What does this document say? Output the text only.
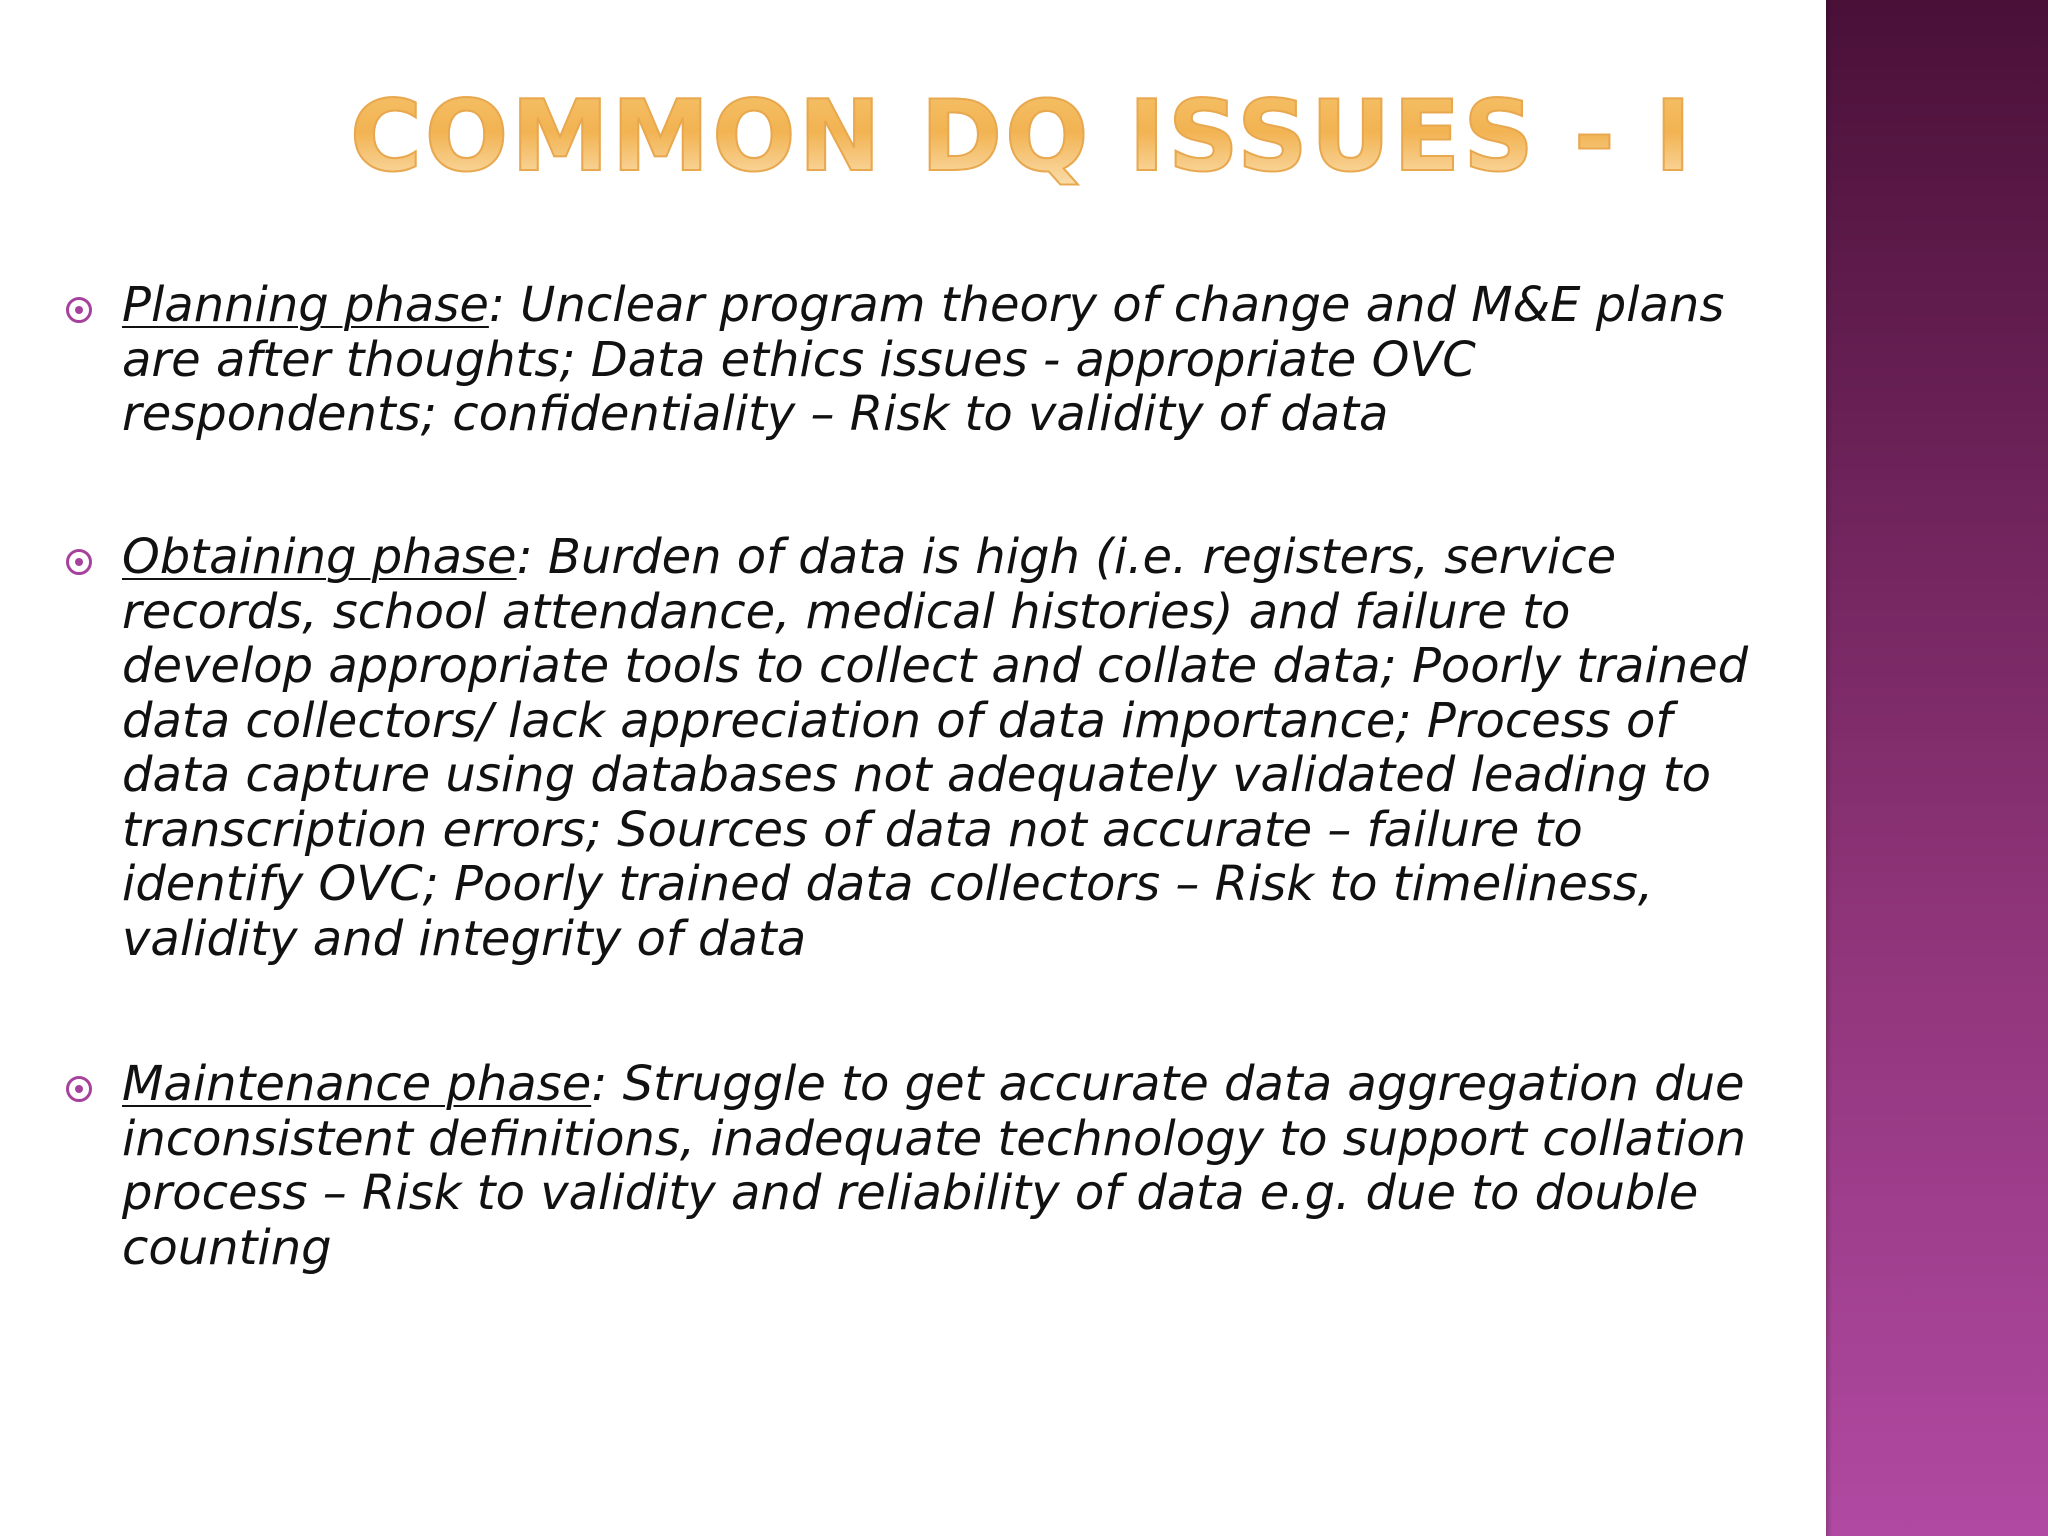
COMMON DQ ISSUES - I

Planning phase: Unclear program theory of change and M&E plans are after thoughts; Data ethics issues - appropriate OVC respondents; confidentiality – Risk to validity of data

Obtaining phase: Burden of data is high (i.e. registers, service records, school attendance, medical histories) and failure to develop appropriate tools to collect and collate data; Poorly trained data collectors/ lack appreciation of data importance; Process of data capture using databases not adequately validated leading to transcription errors; Sources of data not accurate – failure to identify OVC; Poorly trained data collectors – Risk to timeliness, validity and integrity of data

Maintenance phase: Struggle to get accurate data aggregation due inconsistent definitions, inadequate technology to support collation process – Risk to validity and reliability of data e.g. due to double counting
